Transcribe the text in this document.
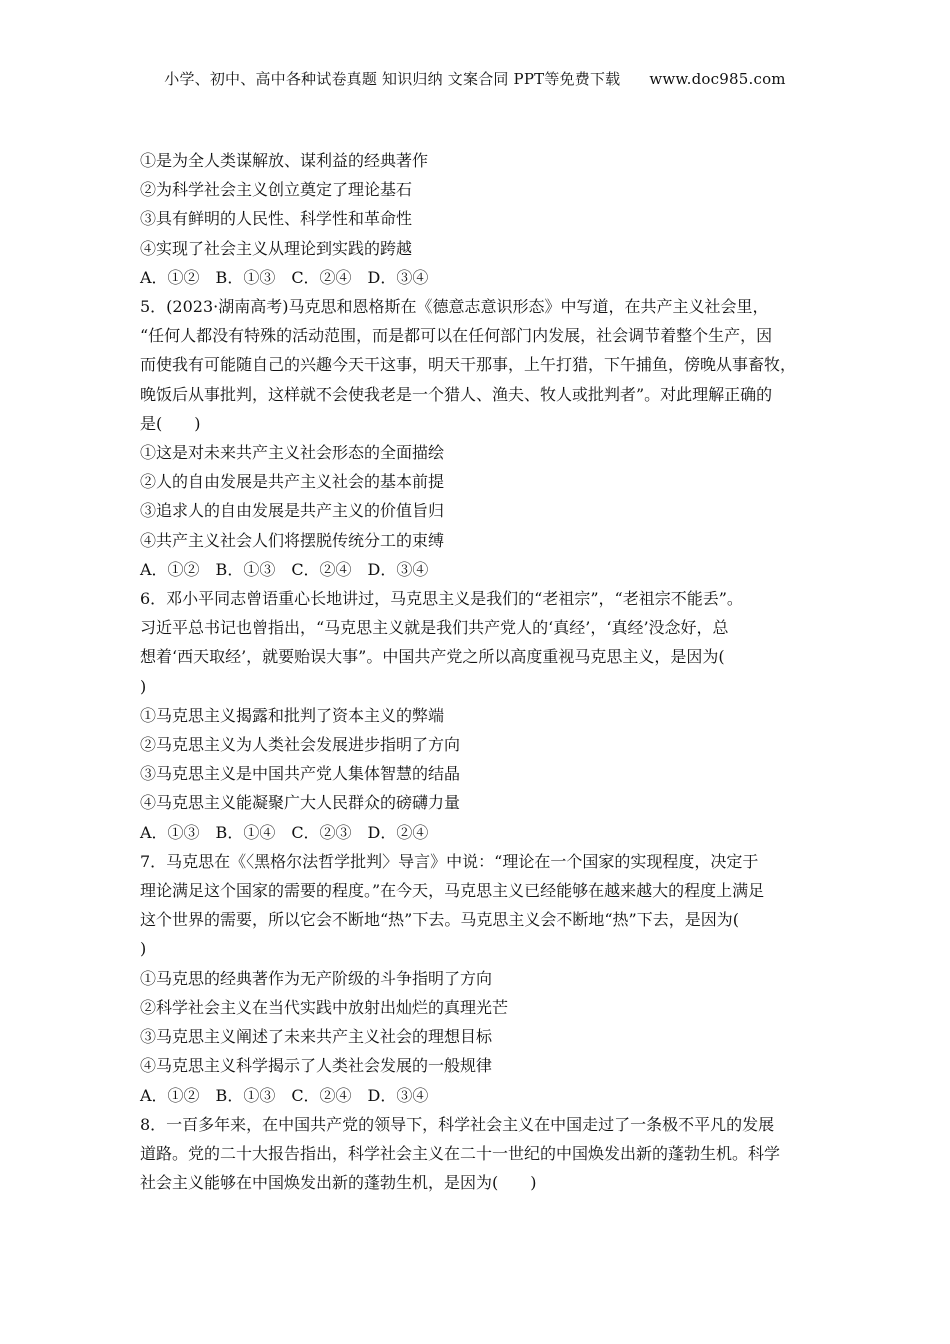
小学、初中、高中各种试卷真题 知识归纳 文案合同 PPT等免费下载 www.doc985.com
①是为全人类谋解放、谋利益的经典著作
②为科学社会主义创立奠定了理论基石
③具有鲜明的人民性、科学性和革命性
④实现了社会主义从理论到实践的跨越
A．①②　B．①③　C．②④　D．③④
5．(2023·湖南高考)马克思和恩格斯在《德意志意识形态》中写道，在共产主义社会里，
“任何人都没有特殊的活动范围，而是都可以在任何部门内发展，社会调节着整个生产，因
而使我有可能随自己的兴趣今天干这事，明天干那事，上午打猎，下午捕鱼，傍晚从事畜牧，
晚饭后从事批判，这样就不会使我老是一个猎人、渔夫、牧人或批判者”。对此理解正确的
是(　　)
①这是对未来共产主义社会形态的全面描绘
②人的自由发展是共产主义社会的基本前提
③追求人的自由发展是共产主义的价值旨归
④共产主义社会人们将摆脱传统分工的束缚
A．①②　B．①③　C．②④　D．③④
6．邓小平同志曾语重心长地讲过，马克思主义是我们的“老祖宗”，“老祖宗不能丢”。
习近平总书记也曾指出，“马克思主义就是我们共产党人的‘真经’，‘真经’没念好，总
想着‘西天取经’，就要贻误大事”。中国共产党之所以高度重视马克思主义，是因为(
)
①马克思主义揭露和批判了资本主义的弊端
②马克思主义为人类社会发展进步指明了方向
③马克思主义是中国共产党人集体智慧的结晶
④马克思主义能凝聚广大人民群众的磅礴力量
A．①③　B．①④　C．②③　D．②④
7．马克思在《〈黑格尔法哲学批判〉导言》中说：“理论在一个国家的实现程度，决定于
理论满足这个国家的需要的程度。”在今天，马克思主义已经能够在越来越大的程度上满足
这个世界的需要，所以它会不断地“热”下去。马克思主义会不断地“热”下去，是因为(
)
①马克思的经典著作为无产阶级的斗争指明了方向
②科学社会主义在当代实践中放射出灿烂的真理光芒
③马克思主义阐述了未来共产主义社会的理想目标
④马克思主义科学揭示了人类社会发展的一般规律
A．①②　B．①③　C．②④　D．③④
8．一百多年来，在中国共产党的领导下，科学社会主义在中国走过了一条极不平凡的发展
道路。党的二十大报告指出，科学社会主义在二十一世纪的中国焕发出新的蓬勃生机。科学
社会主义能够在中国焕发出新的蓬勃生机，是因为(　　)
